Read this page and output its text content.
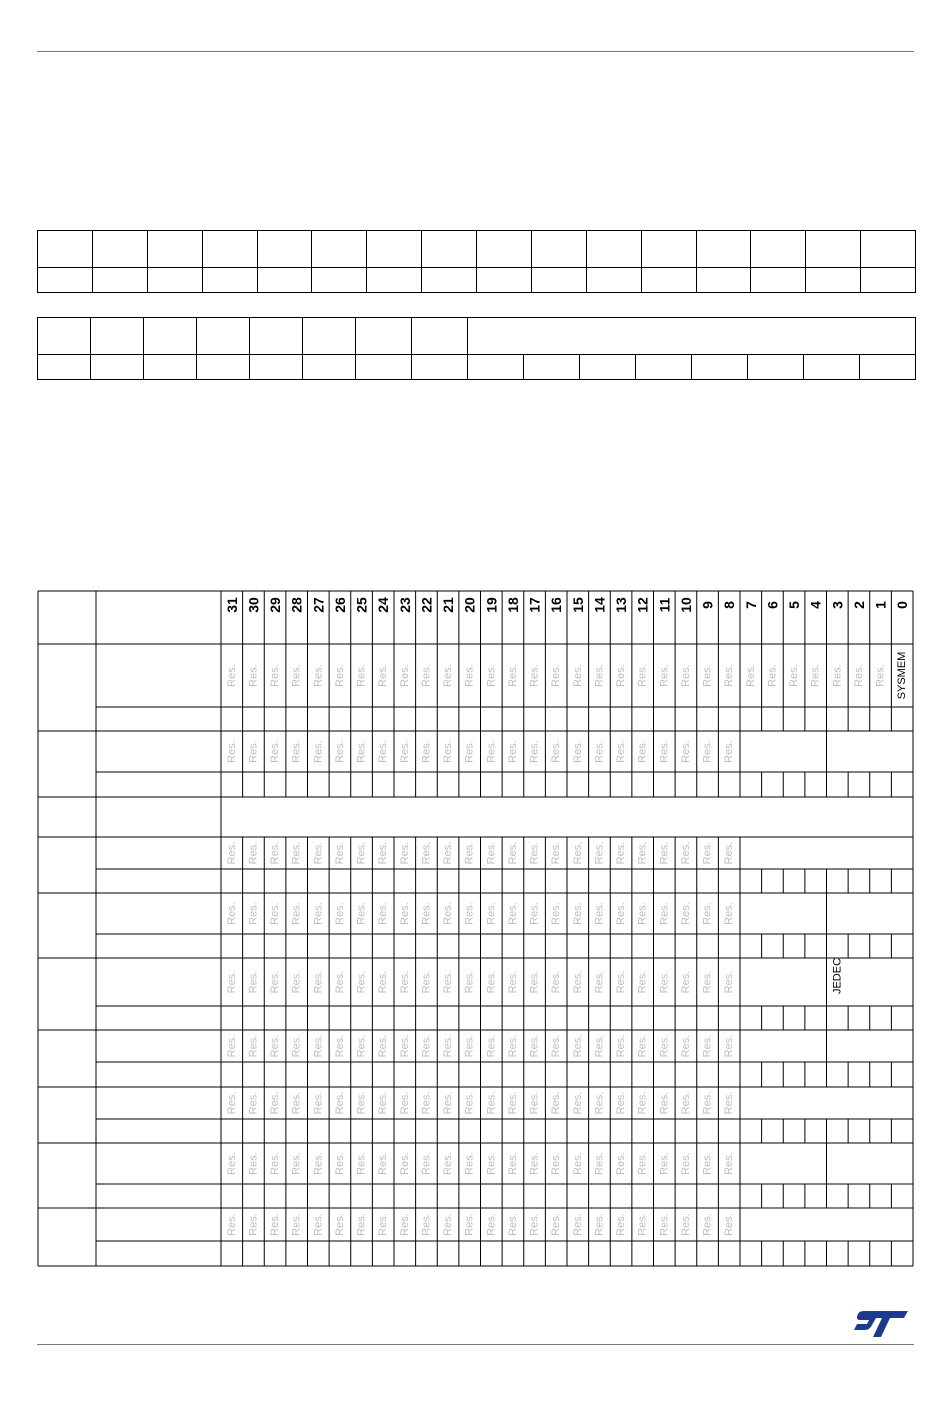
31 30 29 28 27 26 25 24 23 22 21 20 19 18 17 16 15 14 13 12 11 10 9 8 7 6 5 4 3 2 1 0
Res. Res. Res. Res. Res. Res. Res. Res. Res. Res. Res. Res. Res. Res. Res. Res. Res. Res. Res. Res. Res. Res. Res. Res. Res. Res. Res. Res. Res. Res. Res. SYSMEM
Res. Res. Res. Res. Res. Res. Res. Res. Res. Res. Res. Res. Res. Res. Res. Res. Res. Res. Res. Res. Res. Res. Res. Res.
Res. Res. Res. Res. Res. Res. Res. Res. Res. Res. Res. Res. Res. Res. Res. Res. Res. Res. Res. Res. Res. Res. Res. Res.
Res. Res. Res. Res. Res. Res. Res. Res. Res. Res. Res. Res. Res. Res. Res. Res. Res. Res. Res. Res. Res. Res. Res. Res.
Res. Res. Res. Res. Res. Res. Res. Res. Res. Res. Res. Res. Res. Res. Res. Res. Res. Res. Res. Res. Res. Res. Res. Res.	JEDEC
Res. Res. Res. Res. Res. Res. Res. Res. Res. Res. Res. Res. Res. Res. Res. Res. Res. Res. Res. Res. Res. Res. Res. Res.
Res. Res. Res. Res. Res. Res. Res. Res. Res. Res. Res. Res. Res. Res. Res. Res. Res. Res. Res. Res. Res. Res. Res. Res.
Res. Res. Res. Res. Res. Res. Res. Res. Res. Res. Res. Res. Res. Res. Res. Res. Res. Res. Res. Res. Res. Res. Res. Res.
Res. Res. Res. Res. Res. Res. Res. Res. Res. Res. Res. Res. Res. Res. Res. Res. Res. Res. Res. Res. Res. Res. Res. Res.
